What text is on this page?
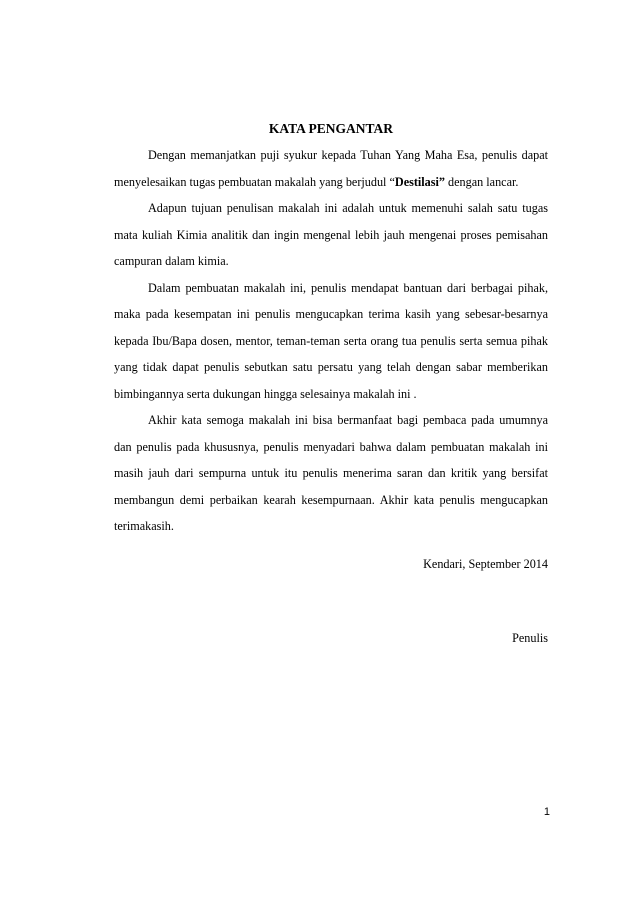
KATA PENGANTAR

Dengan memanjatkan puji syukur kepada Tuhan Yang Maha Esa, penulis dapat menyelesaikan tugas pembuatan makalah yang berjudul “Destilasi” dengan lancar.

Adapun tujuan penulisan makalah ini adalah untuk memenuhi salah satu tugas mata kuliah Kimia analitik dan ingin mengenal lebih jauh mengenai proses pemisahan campuran dalam kimia.

Dalam pembuatan makalah ini, penulis mendapat bantuan dari berbagai pihak, maka pada kesempatan ini penulis mengucapkan terima kasih yang sebesar-besarnya kepada Ibu/Bapa dosen, mentor, teman-teman serta orang tua penulis serta semua pihak yang tidak dapat penulis sebutkan satu persatu yang telah dengan sabar memberikan bimbingannya serta dukungan hingga selesainya makalah ini .

Akhir kata semoga makalah ini bisa bermanfaat bagi pembaca pada umumnya dan penulis pada khususnya, penulis menyadari bahwa dalam pembuatan makalah ini masih jauh dari sempurna untuk itu penulis menerima saran dan kritik yang bersifat membangun demi perbaikan kearah kesempurnaan. Akhir kata penulis mengucapkan terimakasih.

Kendari, September 2014

Penulis

1
